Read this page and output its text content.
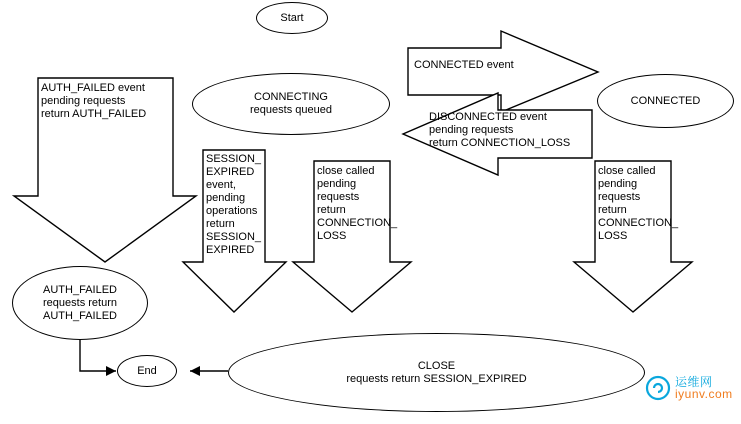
Start
CONNECTING
requests queued
CONNECTED
AUTH_FAILED
requests return
AUTH_FAILED
CLOSE
requests return SESSION_EXPIRED
End
AUTH_FAILED event
pending requests
return AUTH_FAILED
CONNECTED event
DISCONNECTED event
pending requests
return CONNECTION_LOSS
SESSION_
EXPIRED
event,
pending
operations
return
SESSION_
EXPIRED
close called
pending
requests
return
CONNECTION_
LOSS
close called
pending
requests
return
CONNECTION_
LOSS
运维网
iyunv.com
